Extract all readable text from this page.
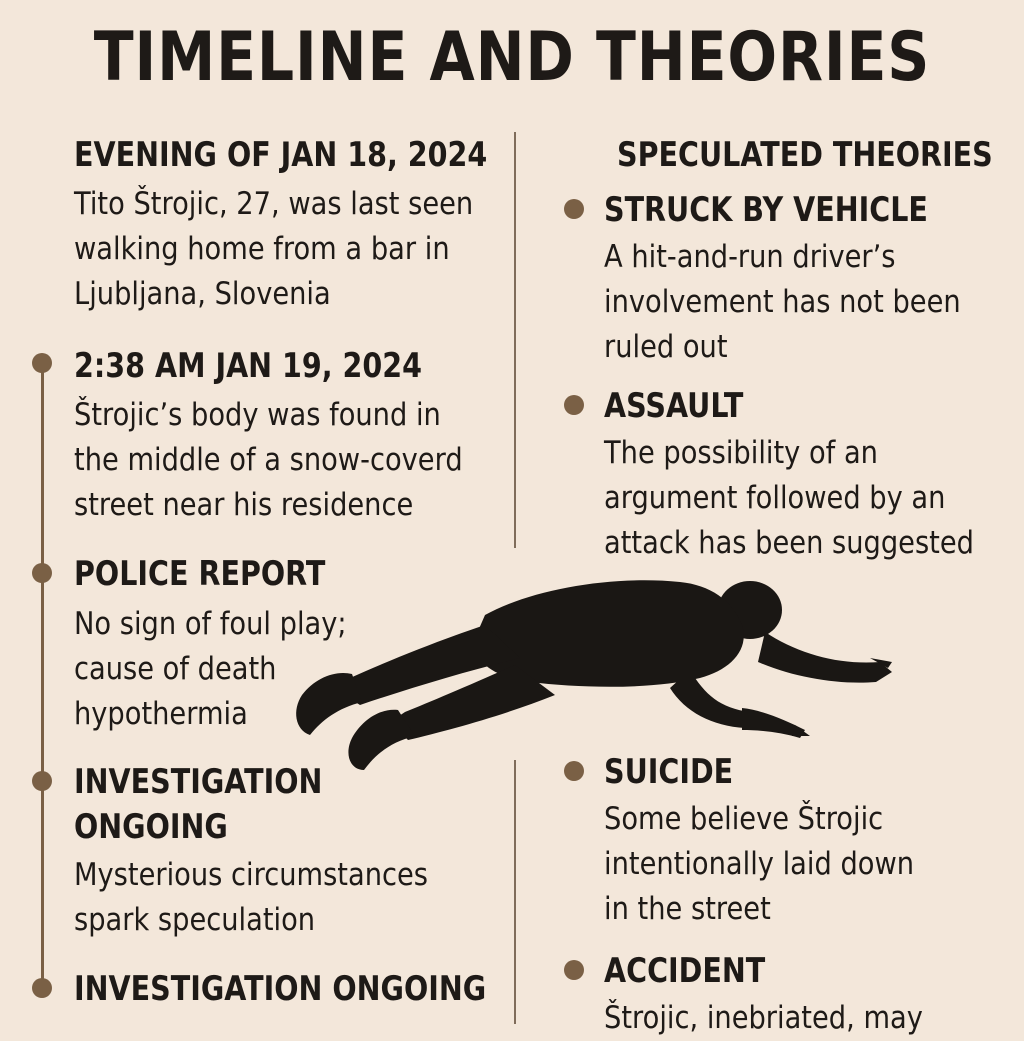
TIMELINE AND THEORIES
EVENING OF JAN 18, 2024
Tito Štrojic, 27, was last seen
walking home from a bar in
Ljubljana, Slovenia
2:38 AM JAN 19, 2024
Štrojic’s body was found in
the middle of a snow-coverd
street near his residence
POLICE REPORT
No sign of foul play;
cause of death
hypothermia
INVESTIGATION
ONGOING
Mysterious circumstances
spark speculation
INVESTIGATION ONGOING
SPECULATED THEORIES
STRUCK BY VEHICLE
A hit-and-run driver’s
involvement has not been
ruled out
ASSAULT
The possibility of an
argument followed by an
attack has been suggested
SUICIDE
Some believe Štrojic
intentionally laid down
in the street
ACCIDENT
Štrojic, inebriated, may
